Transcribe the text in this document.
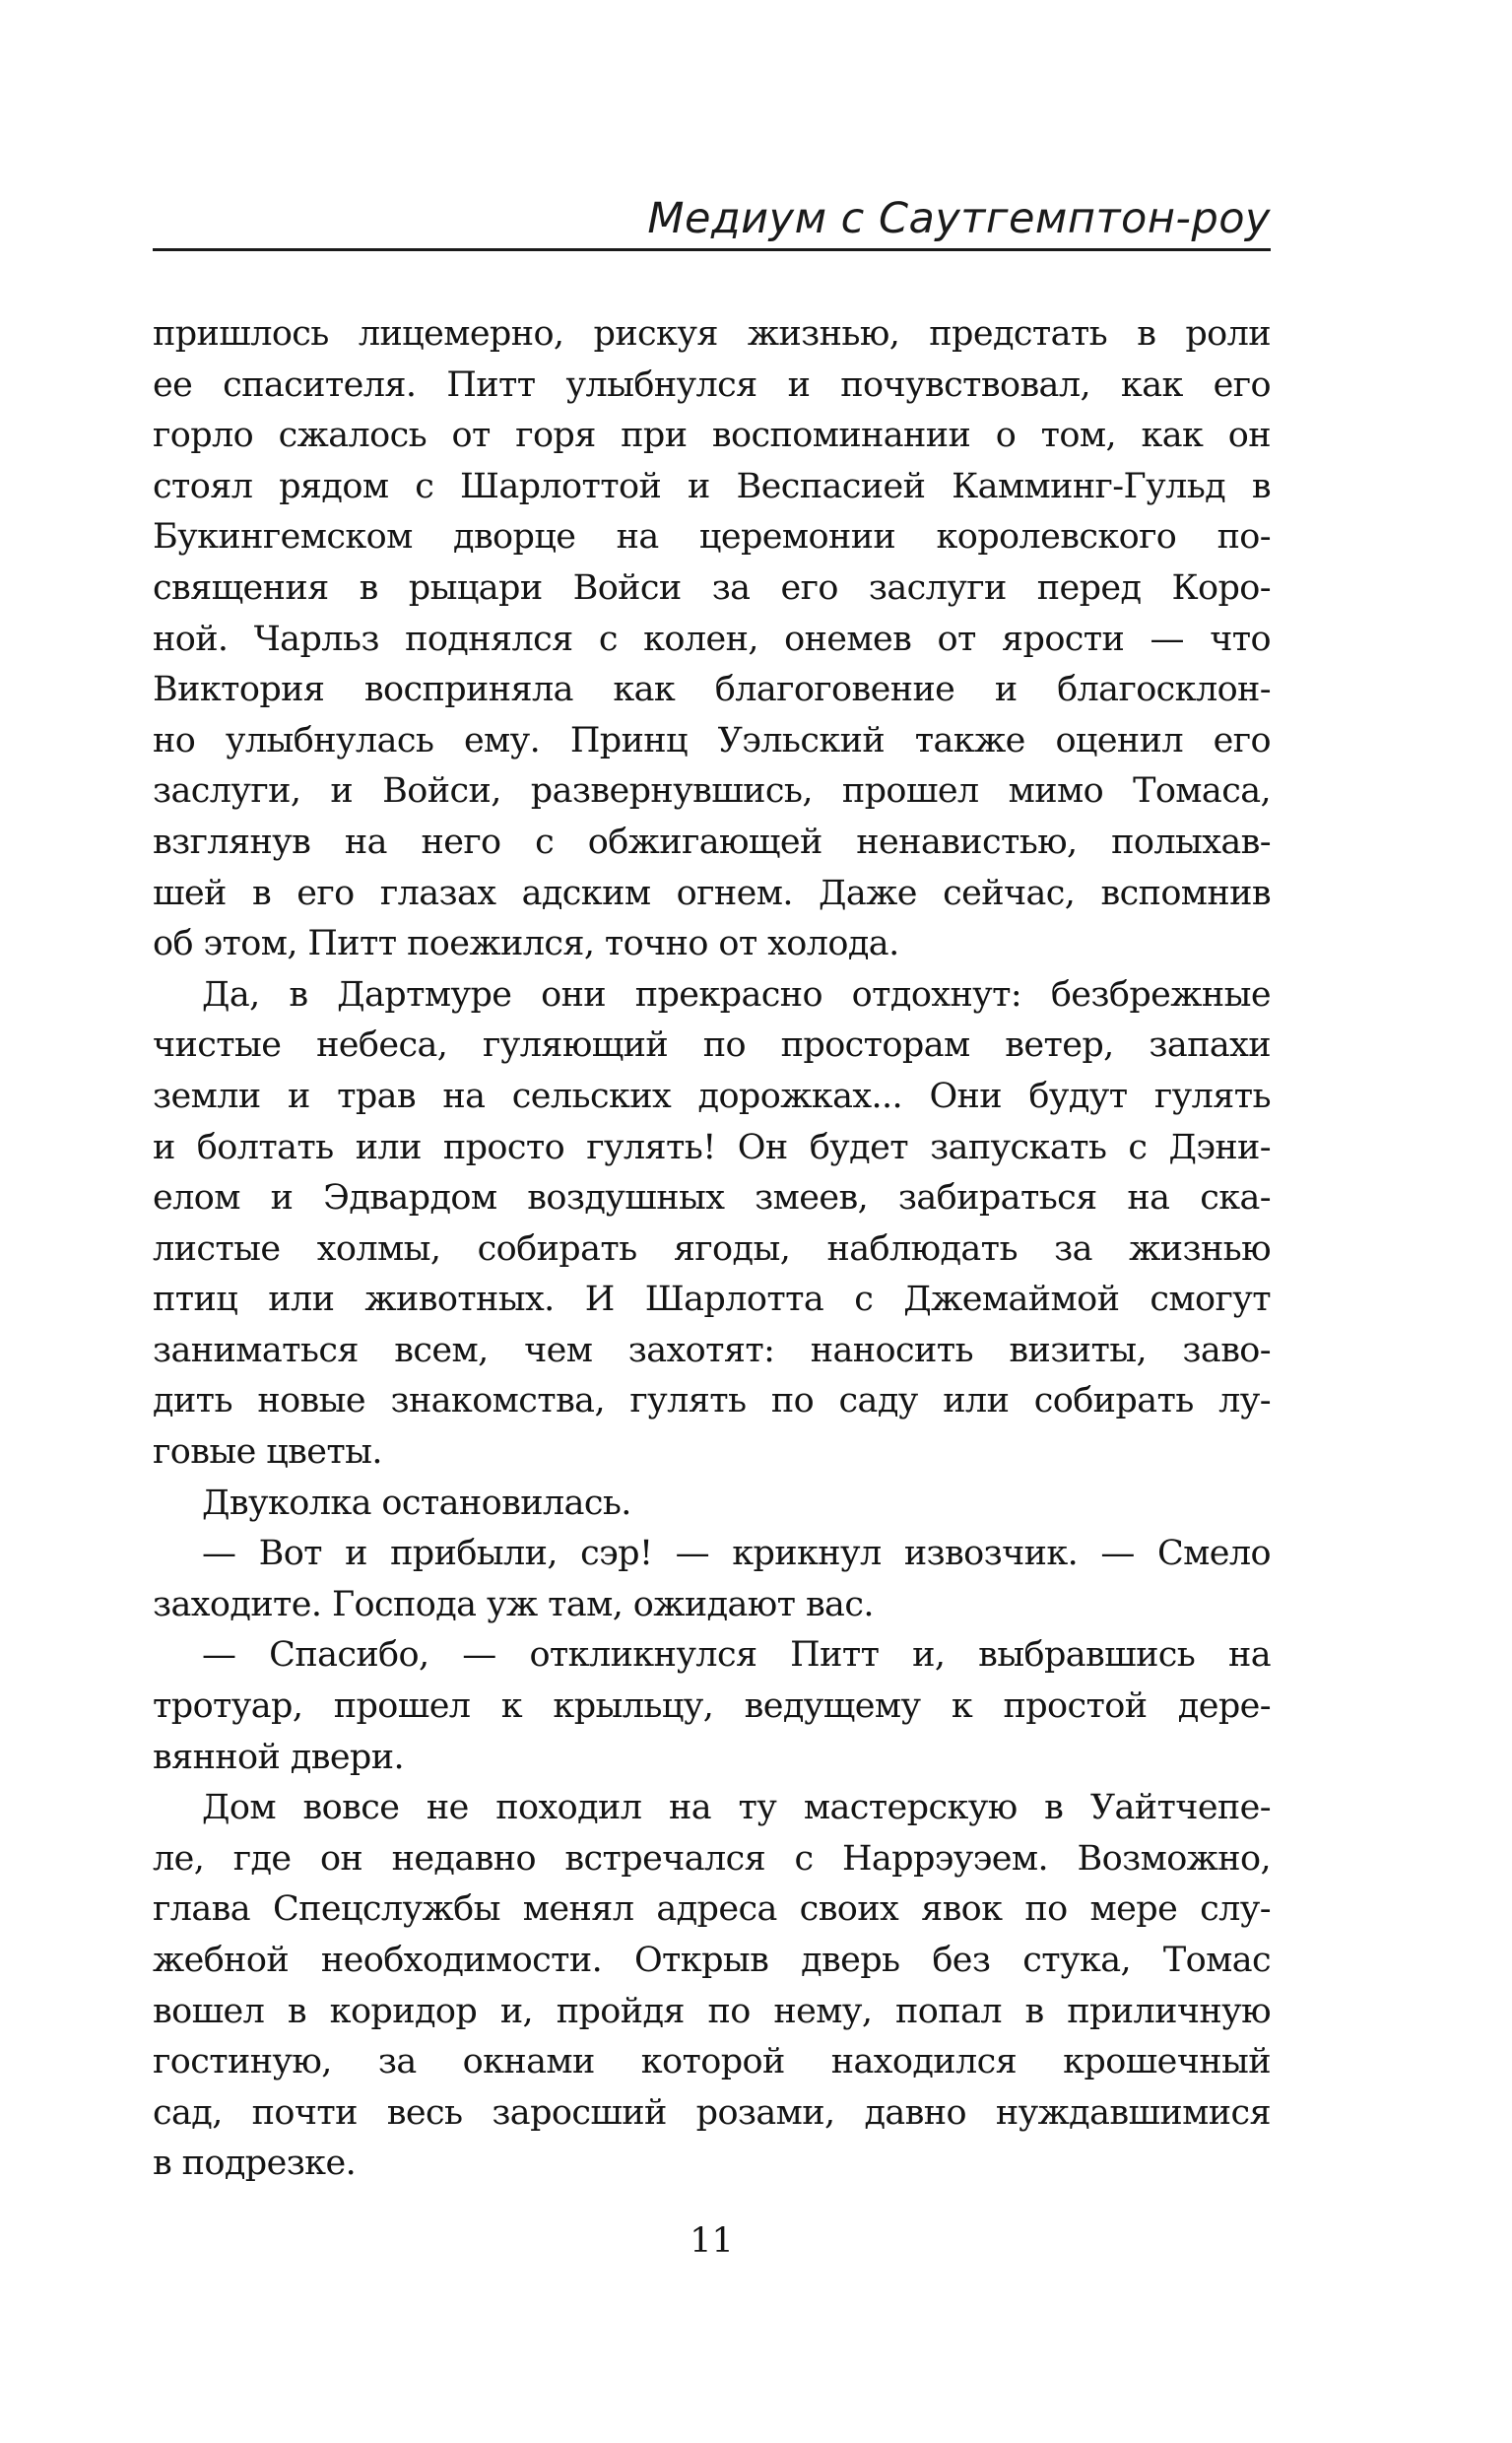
Медиум с Саутгемптон-роу
пришлось лицемерно, рискуя жизнью, предстать в роли
ее спасителя. Питт улыбнулся и почувствовал, как его
горло сжалось от горя при воспоминании о том, как он
стоял рядом с Шарлоттой и Веспасией Камминг-Гульд в
Букингемском дворце на церемонии королевского по-
священия в рыцари Войси за его заслуги перед Коро-
ной. Чарльз поднялся с колен, онемев от ярости — что
Виктория восприняла как благоговение и благосклон-
но улыбнулась ему. Принц Уэльский также оценил его
заслуги, и Войси, развернувшись, прошел мимо Томаса,
взглянув на него с обжигающей ненавистью, полыхав-
шей в его глазах адским огнем. Даже сейчас, вспомнив
об этом, Питт поежился, точно от холода.
Да, в Дартмуре они прекрасно отдохнут: безбрежные
чистые небеса, гуляющий по просторам ветер, запахи
земли и трав на сельских дорожках... Они будут гулять
и болтать или просто гулять! Он будет запускать с Дэни-
елом и Эдвардом воздушных змеев, забираться на ска-
листые холмы, собирать ягоды, наблюдать за жизнью
птиц или животных. И Шарлотта с Джемаймой смогут
заниматься всем, чем захотят: наносить визиты, заво-
дить новые знакомства, гулять по саду или собирать лу-
говые цветы.
Двуколка остановилась.
— Вот и прибыли, сэр! — крикнул извозчик. — Смело
заходите. Господа уж там, ожидают вас.
— Спасибо, — откликнулся Питт и, выбравшись на
тротуар, прошел к крыльцу, ведущему к простой дере-
вянной двери.
Дом вовсе не походил на ту мастерскую в Уайтчепе-
ле, где он недавно встречался с Наррэуэем. Возможно,
глава Спецслужбы менял адреса своих явок по мере слу-
жебной необходимости. Открыв дверь без стука, Томас
вошел в коридор и, пройдя по нему, попал в приличную
гостиную, за окнами которой находился крошечный
сад, почти весь заросший розами, давно нуждавшимися
в подрезке.
11
